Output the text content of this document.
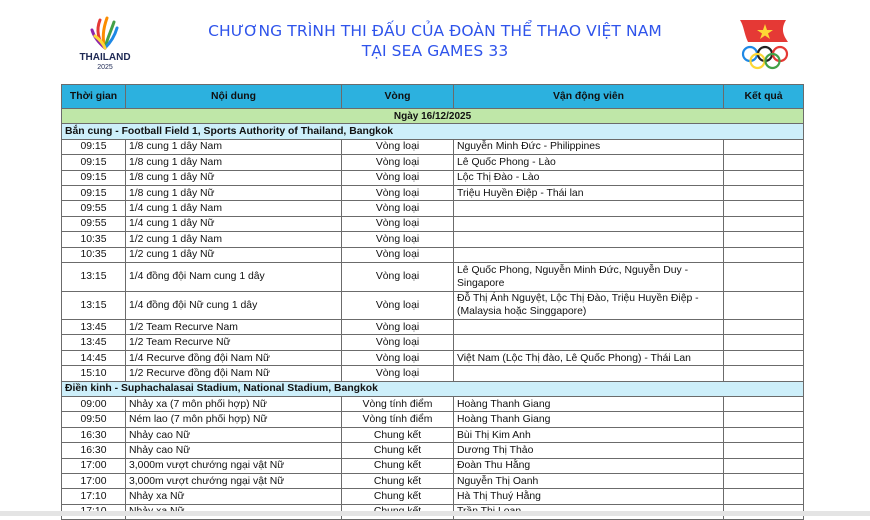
THAILAND
2025
CHƯƠNG TRÌNH THI ĐẤU CỦA ĐOÀN THỂ THAO VIỆT NAM
TẠI SEA GAMES 33
Thời gian	Nội dung	Vòng	Vận động viên	Kết quả
Ngày 16/12/2025				
Bắn cung - Football Field 1, Sports Authority of Thailand, Bangkok				
09:15	1/8 cung 1 dây Nam	Vòng loại	Nguyễn Minh Đức - Philippines	
09:15	1/8 cung 1 dây Nam	Vòng loại	Lê Quốc Phong - Lào	
09:15	1/8 cung 1 dây Nữ	Vòng loại	Lộc Thị Đào - Lào	
09:15	1/8 cung 1 dây Nữ	Vòng loại	Triệu Huyền Điệp - Thái lan	
09:55	1/4 cung 1 dây Nam	Vòng loại		
09:55	1/4 cung 1 dây Nữ	Vòng loại		
10:35	1/2 cung 1 dây Nam	Vòng loại		
10:35	1/2 cung 1 dây Nữ	Vòng loại		
13:15	1/4 đồng đội Nam cung 1 dây	Vòng loại	Lê Quốc Phong, Nguyễn Minh Đức, Nguyễn Duy - Singapore	
13:15	1/4 đồng đội Nữ cung 1 dây	Vòng loại	Đỗ Thị Ánh Nguyệt, Lộc Thị Đào, Triệu Huyền Điệp - (Malaysia hoặc Singgapore)	
13:45	1/2 Team Recurve Nam	Vòng loại		
13:45	1/2 Team Recurve Nữ	Vòng loại		
14:45	1/4 Recurve đồng đội Nam Nữ	Vòng loại	Việt Nam (Lộc Thị đào, Lê Quốc Phong) - Thái Lan	
15:10	1/2 Recurve đồng đội Nam Nữ	Vòng loại		
Điền kinh - Suphachalasai Stadium, National Stadium, Bangkok				
09:00	Nhảy xa (7 môn phối hợp) Nữ	Vòng tính điểm	Hoàng Thanh Giang	
09:50	Ném lao (7 môn phối hợp) Nữ	Vòng tính điểm	Hoàng Thanh Giang	
16:30	Nhảy cao Nữ	Chung kết	Bùi Thị Kim Anh	
16:30	Nhảy cao Nữ	Chung kết	Dương Thị Thảo	
17:00	3,000m vượt chướng ngại vật Nữ	Chung kết	Đoàn Thu Hằng	
17:00	3,000m vượt chướng ngại vật Nữ	Chung kết	Nguyễn Thị Oanh	
17:10	Nhảy xa Nữ	Chung kết	Hà Thị Thuý Hằng	
